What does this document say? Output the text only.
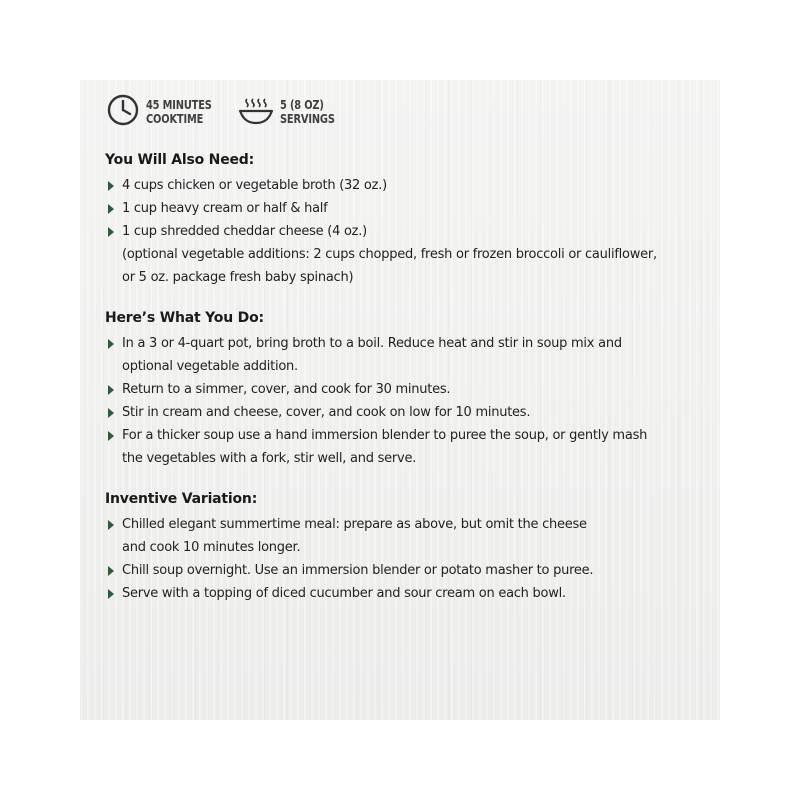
45 MINUTES
COOKTIME
5 (8 OZ)
SERVINGS
You Will Also Need:
4 cups chicken or vegetable broth (32 oz.)
1 cup heavy cream or half & half
1 cup shredded cheddar cheese (4 oz.)
(optional vegetable additions: 2 cups chopped, fresh or frozen broccoli or cauliflower,
or 5 oz. package fresh baby spinach)
Here’s What You Do:
In a 3 or 4-quart pot, bring broth to a boil. Reduce heat and stir in soup mix and
optional vegetable addition.
Return to a simmer, cover, and cook for 30 minutes.
Stir in cream and cheese, cover, and cook on low for 10 minutes.
For a thicker soup use a hand immersion blender to puree the soup, or gently mash
the vegetables with a fork, stir well, and serve.
Inventive Variation:
Chilled elegant summertime meal: prepare as above, but omit the cheese
and cook 10 minutes longer.
Chill soup overnight. Use an immersion blender or potato masher to puree.
Serve with a topping of diced cucumber and sour cream on each bowl.
